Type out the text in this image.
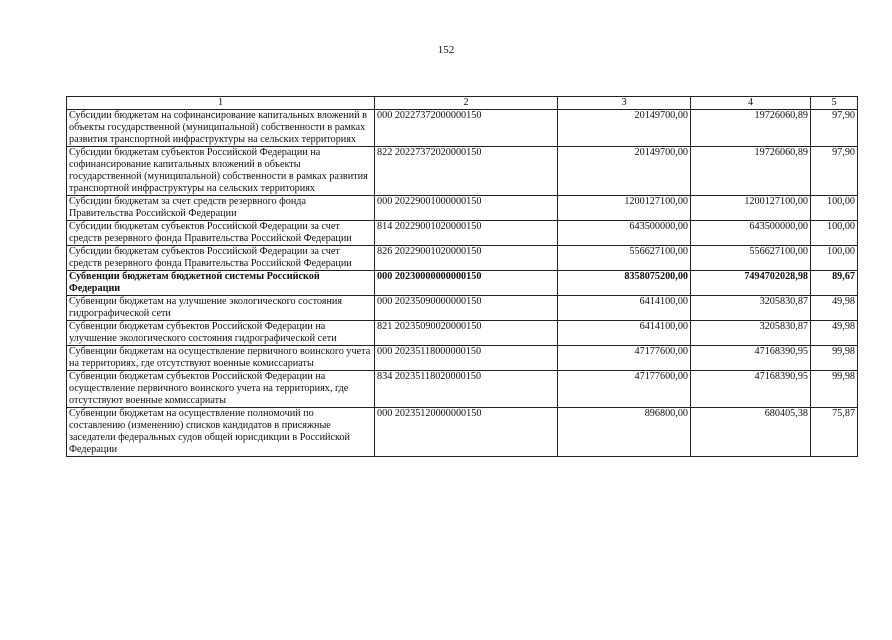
152
1	2	3	4	5
Субсидии бюджетам на софинансирование капитальных вложений в объекты государственной (муниципальной) собственности в рамках развития транспортной инфраструктуры на сельских территориях	000 20227372000000150	20149700,00	19726060,89	97,90
Субсидии бюджетам субъектов Российской Федерации на софинансирование капитальных вложений в объекты государственной (муниципальной) собственности в рамках развития транспортной инфраструктуры на сельских территориях	822 20227372020000150	20149700,00	19726060,89	97,90
Субсидии бюджетам за счет средств резервного фонда Правительства Российской Федерации	000 20229001000000150	1200127100,00	1200127100,00	100,00
Субсидии бюджетам субъектов Российской Федерации за счет средств резервного фонда Правительства Российской Федерации	814 20229001020000150	643500000,00	643500000,00	100,00
Субсидии бюджетам субъектов Российской Федерации за счет средств резервного фонда Правительства Российской Федерации	826 20229001020000150	556627100,00	556627100,00	100,00
Субвенции бюджетам бюджетной системы Российской Федерации	000 20230000000000150	8358075200,00	7494702028,98	89,67
Субвенции бюджетам на улучшение экологического состояния гидрографической сети	000 20235090000000150	6414100,00	3205830,87	49,98
Субвенции бюджетам субъектов Российской Федерации на улучшение экологического состояния гидрографической сети	821 20235090020000150	6414100,00	3205830,87	49,98
Субвенции бюджетам на осуществление первичного воинского учета на территориях, где отсутствуют военные комиссариаты	000 20235118000000150	47177600,00	47168390,95	99,98
Субвенции бюджетам субъектов Российской Федерации на осуществление первичного воинского учета на территориях, где отсутствуют военные комиссариаты	834 20235118020000150	47177600,00	47168390,95	99,98
Субвенции бюджетам на осуществление полномочий по составлению (изменению) списков кандидатов в присяжные заседатели федеральных судов общей юрисдикции в Российской Федерации	000 20235120000000150	896800,00	680405,38	75,87
